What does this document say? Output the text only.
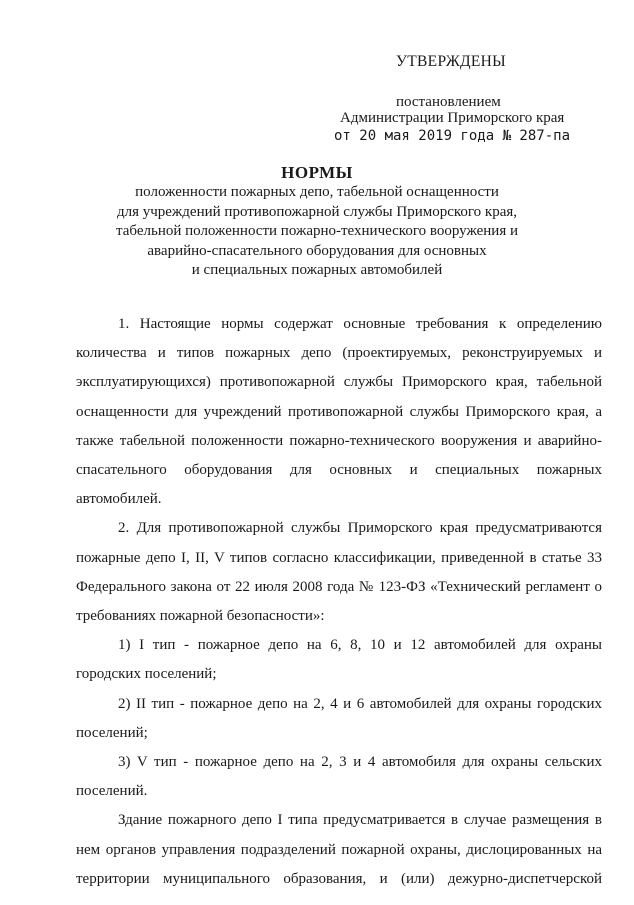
УТВЕРЖДЕНЫ
постановлением
Администрации Приморского края
от 20 мая 2019 года № 287-па
НОРМЫ
положенности пожарных депо, табельной оснащенности
для учреждений противопожарной службы Приморского края,
табельной положенности пожарно-технического вооружения и
аварийно-спасательного оборудования для основных
и специальных пожарных автомобилей

1. Настоящие нормы содержат основные требования к определению количества и типов пожарных депо (проектируемых, реконструируемых и эксплуатирующихся) противопожарной службы Приморского края, табельной оснащенности для учреждений противопожарной службы Приморского края, а также табельной положенности пожарно-технического вооружения и аварийно-спасательного оборудования для основных и специальных пожарных автомобилей.

2. Для противопожарной службы Приморского края предусматриваются пожарные депо I, II, V типов согласно классификации, приведенной в статье 33 Федерального закона от 22 июля 2008 года № 123-ФЗ «Технический регламент о требованиях пожарной безопасности»:

1) I тип - пожарное депо на 6, 8, 10 и 12 автомобилей для охраны городских поселений;

2) II тип - пожарное депо на 2, 4 и 6 автомобилей для охраны городских поселений;

3) V тип - пожарное депо на 2, 3 и 4 автомобиля для охраны сельских поселений.

Здание пожарного депо I типа предусматривается в случае размещения в нем органов управления подразделений пожарной охраны, дислоцированных на территории муниципального образования, и (или) дежурно-диспетчерской
